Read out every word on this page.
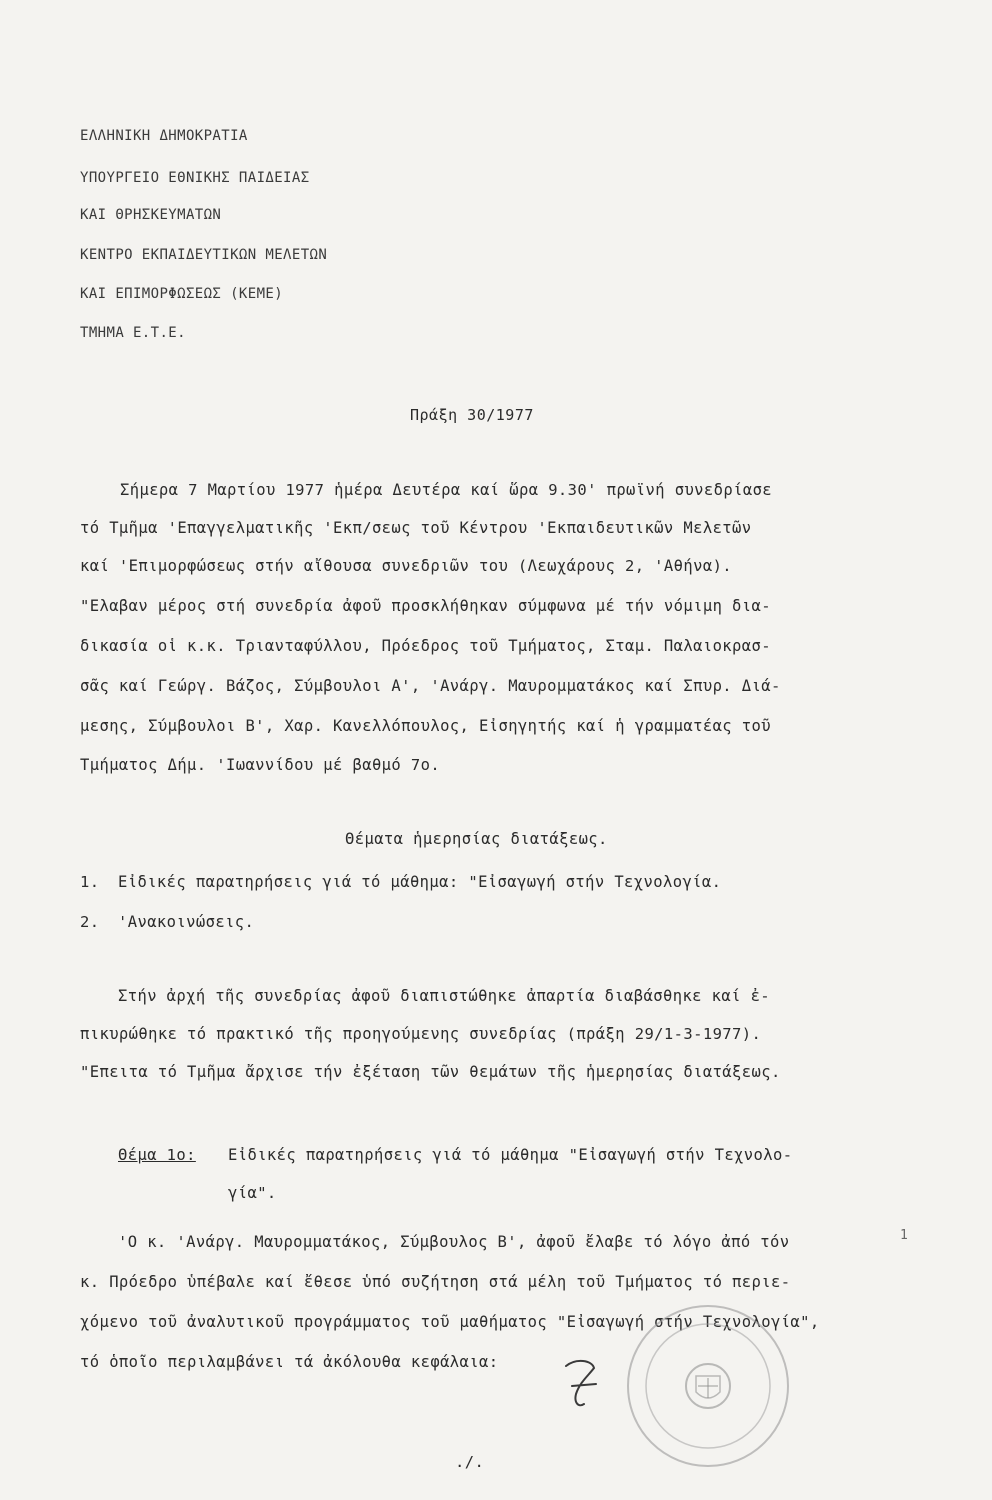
ΕΛΛΗΝΙΚΗ ΔΗΜΟΚΡΑΤΙΑ

ΥΠΟΥΡΓΕΙΟ ΕΘΝΙΚΗΣ ΠΑΙΔΕΙΑΣ

ΚΑΙ ΘΡΗΣΚΕΥΜΑΤΩΝ

ΚΕΝΤΡΟ ΕΚΠΑΙΔΕΥΤΙΚΩΝ ΜΕΛΕΤΩΝ

ΚΑΙ ΕΠΙΜΟΡΦΩΣΕΩΣ (ΚΕΜΕ)

ΤΜΗΜΑ Ε.Τ.Ε.

Πράξη 30/1977

Σήμερα 7 Μαρτίου 1977 ἡμέρα Δευτέρα καί ὥρα 9.30' πρωϊνή συνεδρίασε

τό Τμῆμα 'Επαγγελματικῆς 'Εκπ/σεως τοῦ Κέντρου 'Εκπαιδευτικῶν Μελετῶν

καί 'Επιμορφώσεως στήν αἴθουσα συνεδριῶν του (Λεωχάρους 2, 'Αθήνα).

"Ελαβαν μέρος στή συνεδρία ἀφοῦ προσκλήθηκαν σύμφωνα μέ τήν νόμιμη δια-

δικασία οἱ κ.κ. Τριανταφύλλου, Πρόεδρος τοῦ Τμήματος, Σταμ. Παλαιοκρασ-

σᾶς καί Γεώργ. Βάζος, Σύμβουλοι Α', 'Ανάργ. Μαυρομματάκος καί Σπυρ. Διά-

μεσης, Σύμβουλοι Β', Χαρ. Κανελλόπουλος, Εἰσηγητής καί ἡ γραμματέας τοῦ

Τμήματος Δήμ. 'Ιωαννίδου μέ βαθμό 7ο.

Θέματα ἡμερησίας διατάξεως.

1. Εἰδικές παρατηρήσεις γιά τό μάθημα: "Εἰσαγωγή στήν Τεχνολογία.

2. 'Ανακοινώσεις.

Στήν ἀρχή τῆς συνεδρίας ἀφοῦ διαπιστώθηκε ἀπαρτία διαβάσθηκε καί ἐ-

πικυρώθηκε τό πρακτικό τῆς προηγούμενης συνεδρίας (πράξη 29/1-3-1977).

"Επειτα τό Τμῆμα ἄρχισε τήν ἐξέταση τῶν θεμάτων τῆς ἡμερησίας διατάξεως.

Θέμα 1ο: Εἰδικές παρατηρήσεις γιά τό μάθημα "Εἰσαγωγή στήν Τεχνολο-

γία".

'Ο κ. 'Ανάργ. Μαυρομματάκος, Σύμβουλος Β', ἀφοῦ ἔλαβε τό λόγο ἀπό τόν

κ. Πρόεδρο ὑπέβαλε καί ἔθεσε ὑπό συζήτηση στά μέλη τοῦ Τμήματος τό περιε-

χόμενο τοῦ ἀναλυτικοῦ προγράμματος τοῦ μαθήματος "Εἰσαγωγή στήν Τεχνολογία",

τό ὁποῖο περιλαμβάνει τά ἀκόλουθα κεφάλαια:

./.

1
